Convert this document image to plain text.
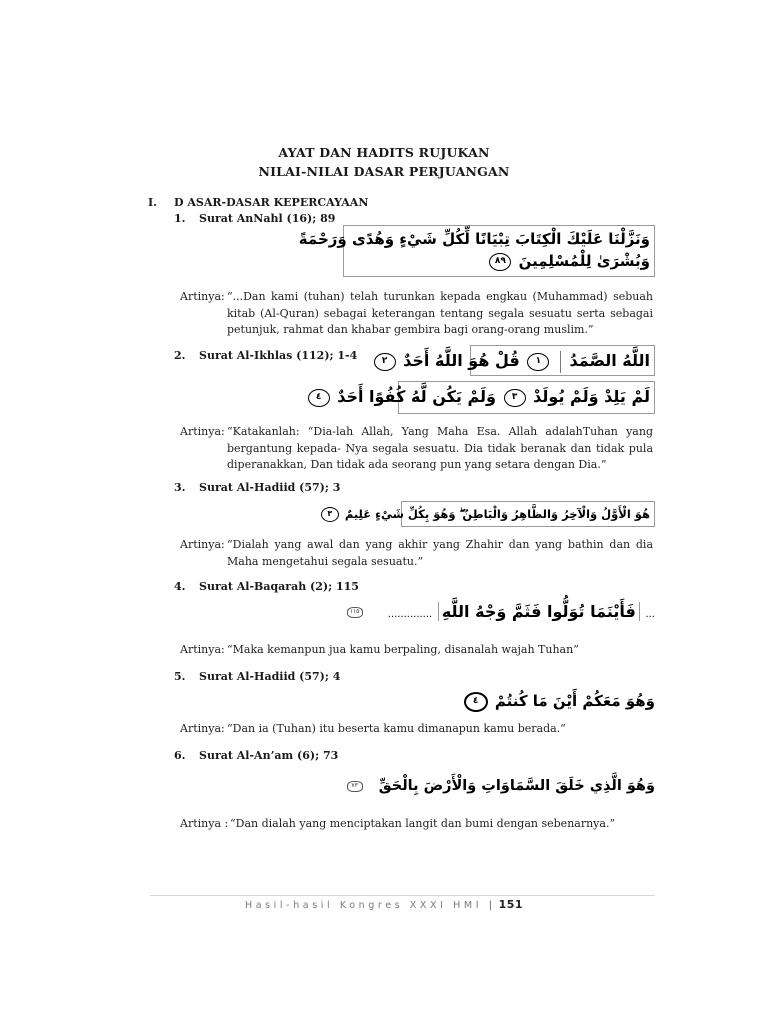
AYAT DAN HADITS RUJUKAN
NILAI-NILAI DASAR PERJUANGAN
I. D ASAR-DASAR KEPERCAYAAN
1. Surat AnNahl (16); 89
وَنَزَّلْنَا عَلَيْكَ الْكِتَابَ تِبْيَانًا لِّكُلِّ شَيْءٍ وَهُدًى وَرَحْمَةً
وَبُشْرَىٰ لِلْمُسْلِمِينَ ٨٩
Artinya: “...Dan kami (tuhan) telah turunkan kepada engkau (Muhammad) sebuah kitab (Al-Quran) sebagai keterangan tentang segala sesuatu serta sebagai petunjuk, rahmat dan khabar gembira bagi orang-orang muslim.”
2. Surat Al-Ikhlas (112); 1-4	اللَّهُ الصَّمَدُ  ١ قُلْ هُوَ اللَّهُ أَحَدٌ ٢
لَمْ يَلِدْ وَلَمْ يُولَدْ ٣ وَلَمْ يَكُن لَّهُ كُفُوًا أَحَدٌ ٤
Artinya: “Katakanlah: “Dia-lah Allah, Yang Maha Esa. Allah adalahTuhan yang bergantung kepada- Nya segala sesuatu. Dia tidak beranak dan tidak pula diperanakkan, Dan tidak ada seorang pun yang setara dengan Dia.”
3. Surat Al-Hadiid (57); 3
هُوَ الْأَوَّلُ وَالْآخِرُ وَالظَّاهِرُ وَالْبَاطِنُ ۖ وَهُوَ بِكُلِّ شَيْءٍ عَلِيمٌ ٣
Artinya: “Dialah yang awal dan yang akhir yang Zhahir dan yang bathin dan dia Maha mengetahui segala sesuatu.”
4. Surat Al-Baqarah (2); 115
... فَأَيْنَمَا تُوَلُّوا فَثَمَّ وَجْهُ اللَّهِ ..............  ١١٥
Artinya: “Maka kemanpun jua kamu berpaling, disanalah wajah Tuhan”
5. Surat Al-Hadiid (57); 4
وَهُوَ مَعَكُمْ أَيْنَ مَا كُنتُمْ ٤
Artinya: “Dan ia (Tuhan) itu beserta kamu dimanapun kamu berada.“
6. Surat Al-An’am (6); 73
وَهُوَ الَّذِي خَلَقَ السَّمَاوَاتِ وَالْأَرْضَ بِالْحَقِّ  ٧٣
Artinya : “Dan dialah yang menciptakan langit dan bumi dengan sebenarnya.”
Hasil-hasil Kongres XXXI HMI | 151
